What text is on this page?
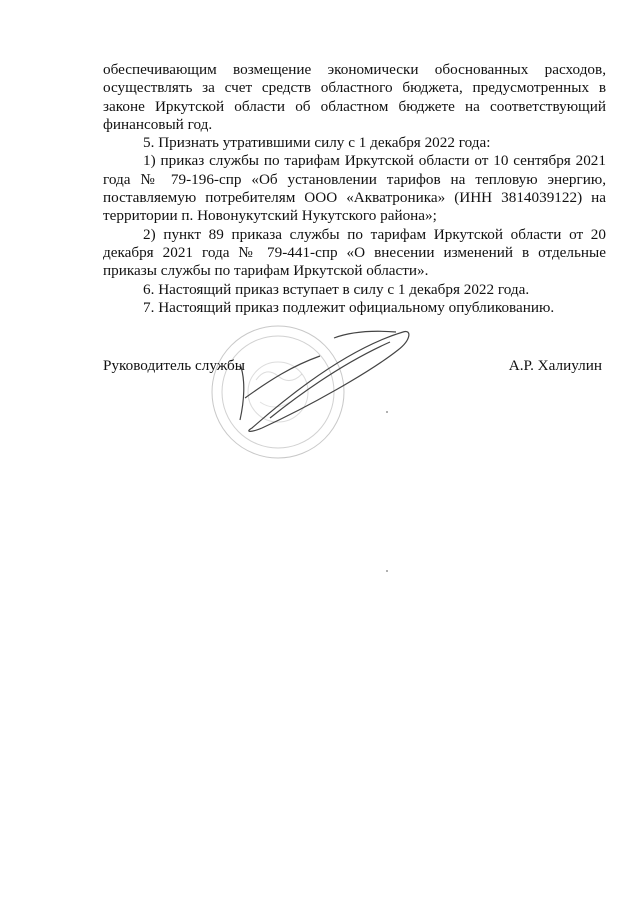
обеспечивающим возмещение экономически обоснованных расходов, осуществлять за счет средств областного бюджета, предусмотренных в законе Иркутской области об областном бюджете на соответствующий финансовый год.

5. Признать утратившими силу с 1 декабря 2022 года:

1) приказ службы по тарифам Иркутской области от 10 сентября 2021 года № 79-196-спр «Об установлении тарифов на тепловую энергию, поставляемую потребителям ООО «Акватроника» (ИНН 3814039122) на территории п. Новонукутский Нукутского района»;

2) пункт 89 приказа службы по тарифам Иркутской области от 20 декабря 2021 года № 79-441-спр «О внесении изменений в отдельные приказы службы по тарифам Иркутской области».

6. Настоящий приказ вступает в силу с 1 декабря 2022 года.

7. Настоящий приказ подлежит официальному опубликованию.

Руководитель службы	А.Р. Халиулин
